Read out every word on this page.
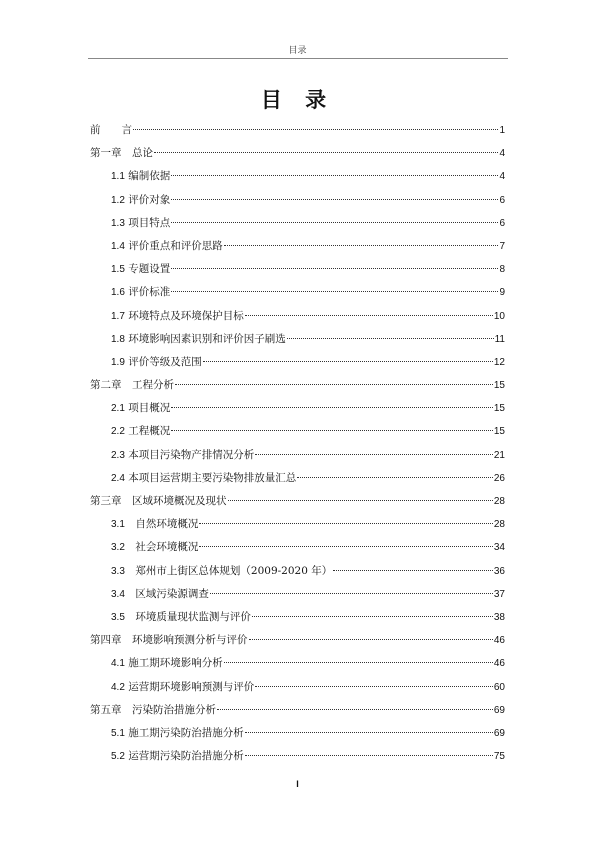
目录
目 录
前　　言	1
第一章　总论	4
1.1 编制依据	4
1.2 评价对象	6
1.3 项目特点	6
1.4 评价重点和评价思路	7
1.5 专题设置	8
1.6 评价标准	9
1.7 环境特点及环境保护目标	10
1.8 环境影响因素识别和评价因子刷选	11
1.9 评价等级及范围	12
第二章　工程分析	15
2.1 项目概况	15
2.2 工程概况	15
2.3 本项目污染物产排情况分析	21
2.4 本项目运营期主要污染物排放量汇总	26
第三章　区域环境概况及现状	28
3.1　自然环境概况	28
3.2　社会环境概况	34
3.3　郑州市上街区总体规划（2009-2020 年）	36
3.4　区域污染源调查	37
3.5　环境质量现状监测与评价	38
第四章　环境影响预测分析与评价	46
4.1 施工期环境影响分析	46
4.2 运营期环境影响预测与评价	60
第五章　污染防治措施分析	69
5.1 施工期污染防治措施分析	69
5.2 运营期污染防治措施分析	75
I
